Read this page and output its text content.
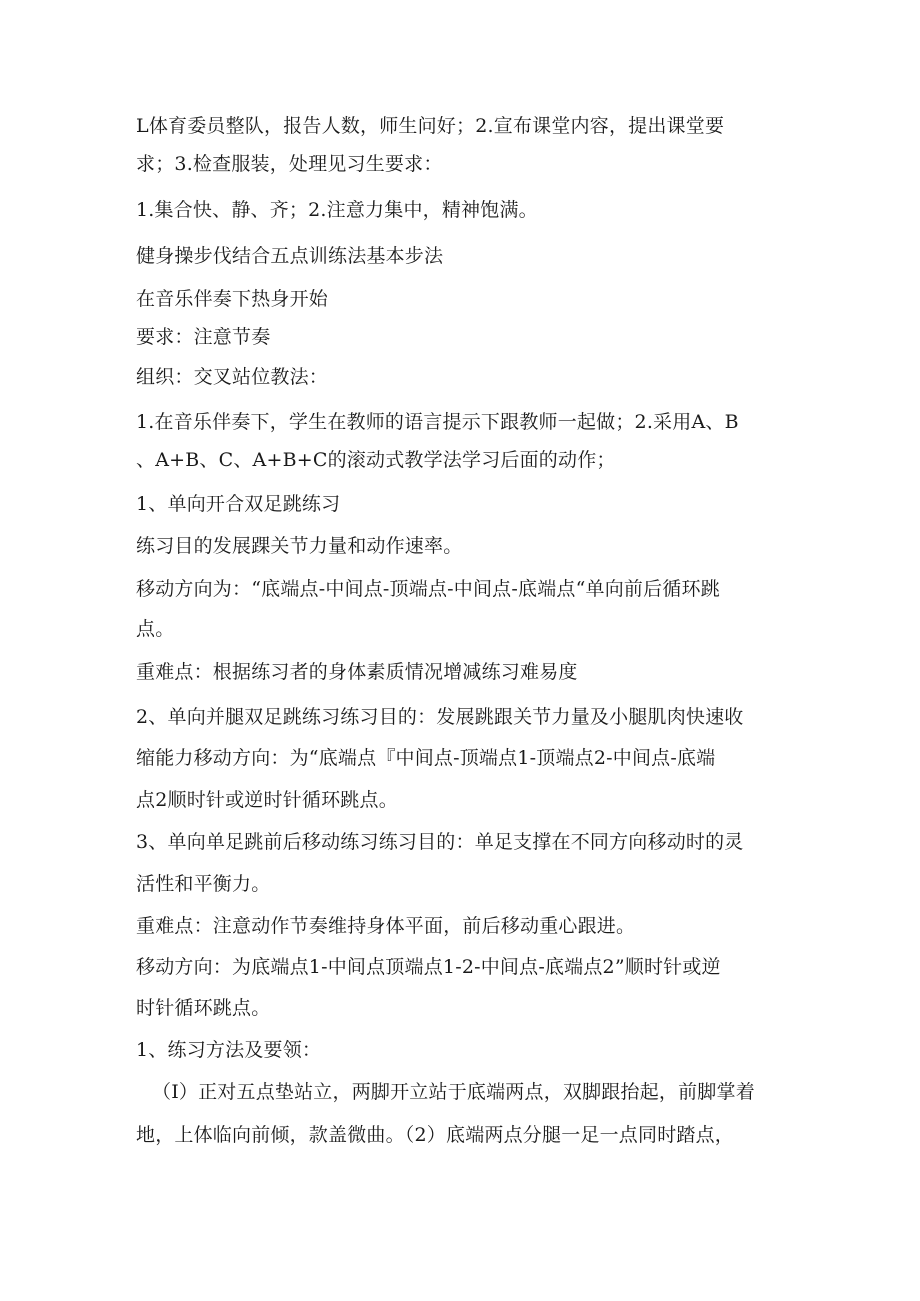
L体育委员整队，报告人数，师生问好；2.宣布课堂内容，提出课堂要
求；3.检查服装，处理见习生要求：
1.集合快、静、齐；2.注意力集中，精神饱满。
健身操步伐结合五点训练法基本步法
在音乐伴奏下热身开始
要求：注意节奏
组织：交叉站位教法：
1.在音乐伴奏下，学生在教师的语言提示下跟教师一起做；2.采用A、B
、A+B、C、A+B+C的滚动式教学法学习后面的动作；
1、单向开合双足跳练习
练习目的发展踝关节力量和动作速率。
移动方向为：“底端点-中间点-顶端点-中间点-底端点“单向前后循环跳
点。
重难点：根据练习者的身体素质情况增减练习难易度
2、单向并腿双足跳练习练习目的：发展跳跟关节力量及小腿肌肉快速收
缩能力移动方向：为“底端点『中间点-顶端点1-顶端点2-中间点-底端
点2顺时针或逆时针循环跳点。
3、单向单足跳前后移动练习练习目的：单足支撑在不同方向移动时的灵
活性和平衡力。
重难点：注意动作节奏维持身体平面，前后移动重心跟进。
移动方向：为底端点1-中间点顶端点1-2-中间点-底端点2”顺时针或逆
时针循环跳点。
1、练习方法及要领：
（I）正对五点垫站立，两脚开立站于底端两点，双脚跟抬起，前脚掌着
地，上体临向前倾，款盖微曲。（2）底端两点分腿一足一点同时踏点，
